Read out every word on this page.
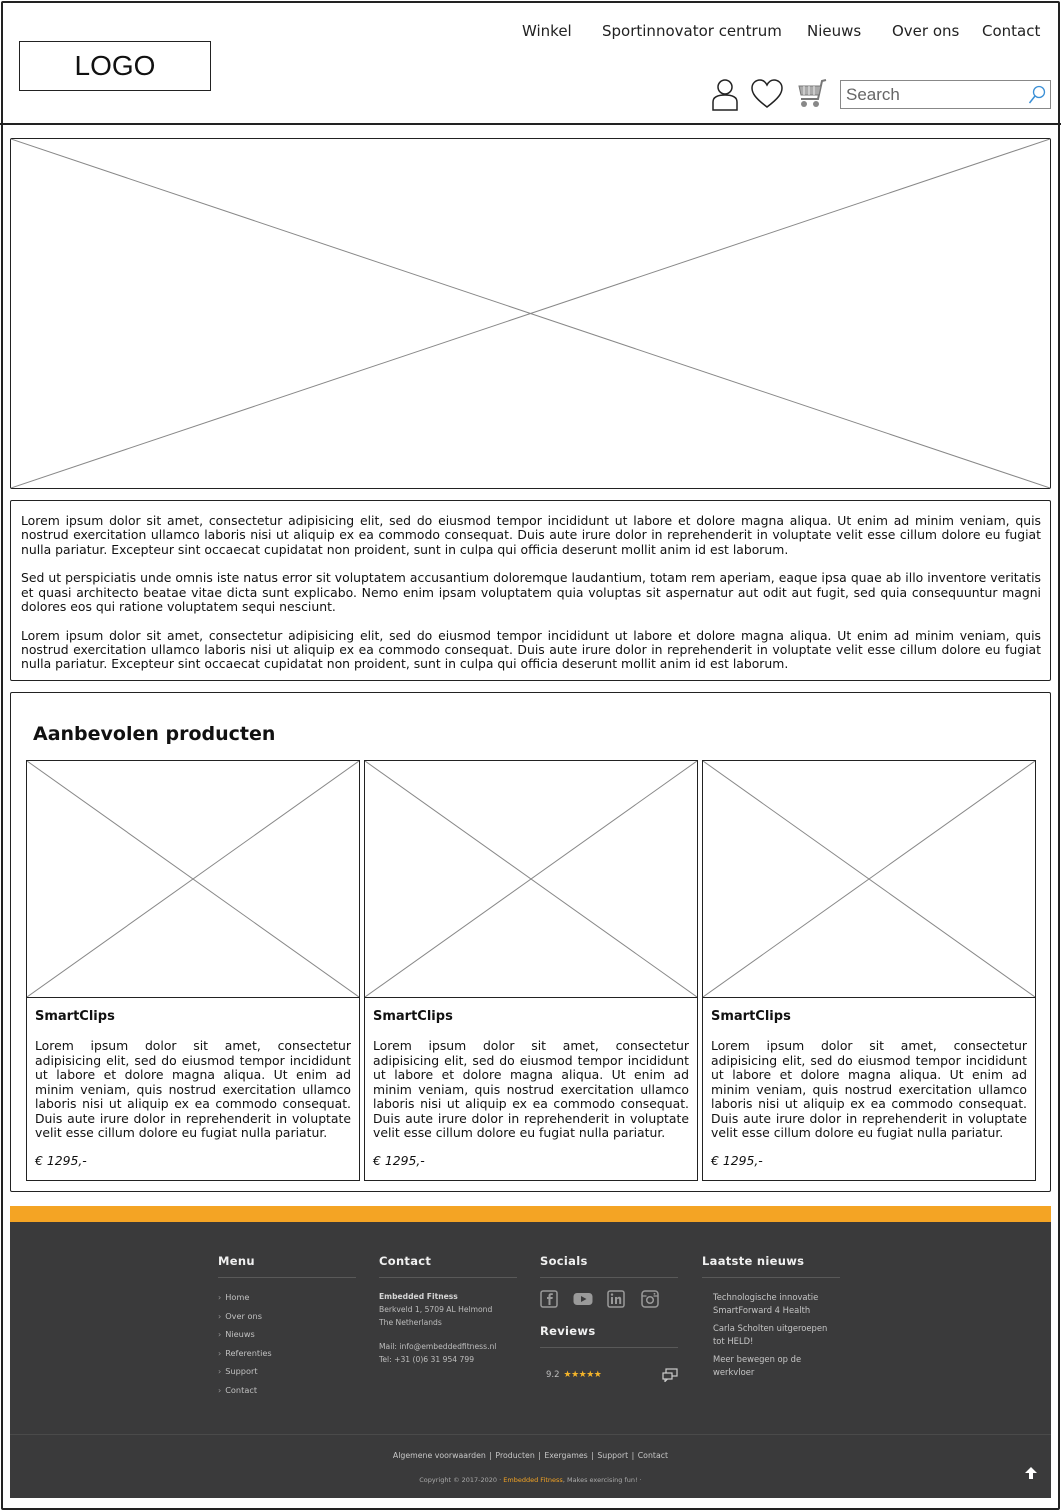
LOGO
Winkel Sportinnovator centrum Nieuws Over ons Contact
Search

Lorem ipsum dolor sit amet, consectetur adipisicing elit, sed do eiusmod tempor incididunt ut labore et dolore magna aliqua. Ut enim ad minim veniam, quis nostrud exercitation ullamco laboris nisi ut aliquip ex ea commodo consequat. Duis aute irure dolor in reprehenderit in voluptate velit esse cillum dolore eu fugiat nulla pariatur. Excepteur sint occaecat cupidatat non proident, sunt in culpa qui officia deserunt mollit anim id est laborum.

Sed ut perspiciatis unde omnis iste natus error sit voluptatem accusantium doloremque laudantium, totam rem aperiam, eaque ipsa quae ab illo inventore veritatis et quasi architecto beatae vitae dicta sunt explicabo. Nemo enim ipsam voluptatem quia voluptas sit aspernatur aut odit aut fugit, sed quia consequuntur magni dolores eos qui ratione voluptatem sequi nesciunt.

Lorem ipsum dolor sit amet, consectetur adipisicing elit, sed do eiusmod tempor incididunt ut labore et dolore magna aliqua. Ut enim ad minim veniam, quis nostrud exercitation ullamco laboris nisi ut aliquip ex ea commodo consequat. Duis aute irure dolor in reprehenderit in voluptate velit esse cillum dolore eu fugiat nulla pariatur. Excepteur sint occaecat cupidatat non proident, sunt in culpa qui officia deserunt mollit anim id est laborum.

Aanbevolen producten
SmartClips
Lorem ipsum dolor sit amet, consectetur adipisicing elit, sed do eiusmod tempor incididunt ut labore et dolore magna aliqua. Ut enim ad minim veniam, quis nostrud exercitation ullamco laboris nisi ut aliquip ex ea commodo consequat. Duis aute irure dolor in reprehenderit in voluptate velit esse cillum dolore eu fugiat nulla pariatur.
€ 1295,-
SmartClips
Lorem ipsum dolor sit amet, consectetur adipisicing elit, sed do eiusmod tempor incididunt ut labore et dolore magna aliqua. Ut enim ad minim veniam, quis nostrud exercitation ullamco laboris nisi ut aliquip ex ea commodo consequat. Duis aute irure dolor in reprehenderit in voluptate velit esse cillum dolore eu fugiat nulla pariatur.
€ 1295,-
SmartClips
Lorem ipsum dolor sit amet, consectetur adipisicing elit, sed do eiusmod tempor incididunt ut labore et dolore magna aliqua. Ut enim ad minim veniam, quis nostrud exercitation ullamco laboris nisi ut aliquip ex ea commodo consequat. Duis aute irure dolor in reprehenderit in voluptate velit esse cillum dolore eu fugiat nulla pariatur.
€ 1295,-
Menu
› Home
› Over ons
› Nieuws
› Referenties
› Support
› Contact
Contact
Embedded Fitness
Berkveld 1, 5709 AL Helmond
The Netherlands
Mail: info@embeddedfitness.nl
Tel: +31 (0)6 31 954 799
Socials
Reviews
9.2 ★★★★★
Laatste nieuws
Technologische innovatie SmartForward 4 Health
Carla Scholten uitgeroepen tot HELD!
Meer bewegen op de werkvloer
Algemene voorwaarden | Producten | Exergames | Support | Contact
Copyright © 2017-2020 · Embedded Fitness, Makes exercising fun! ·
